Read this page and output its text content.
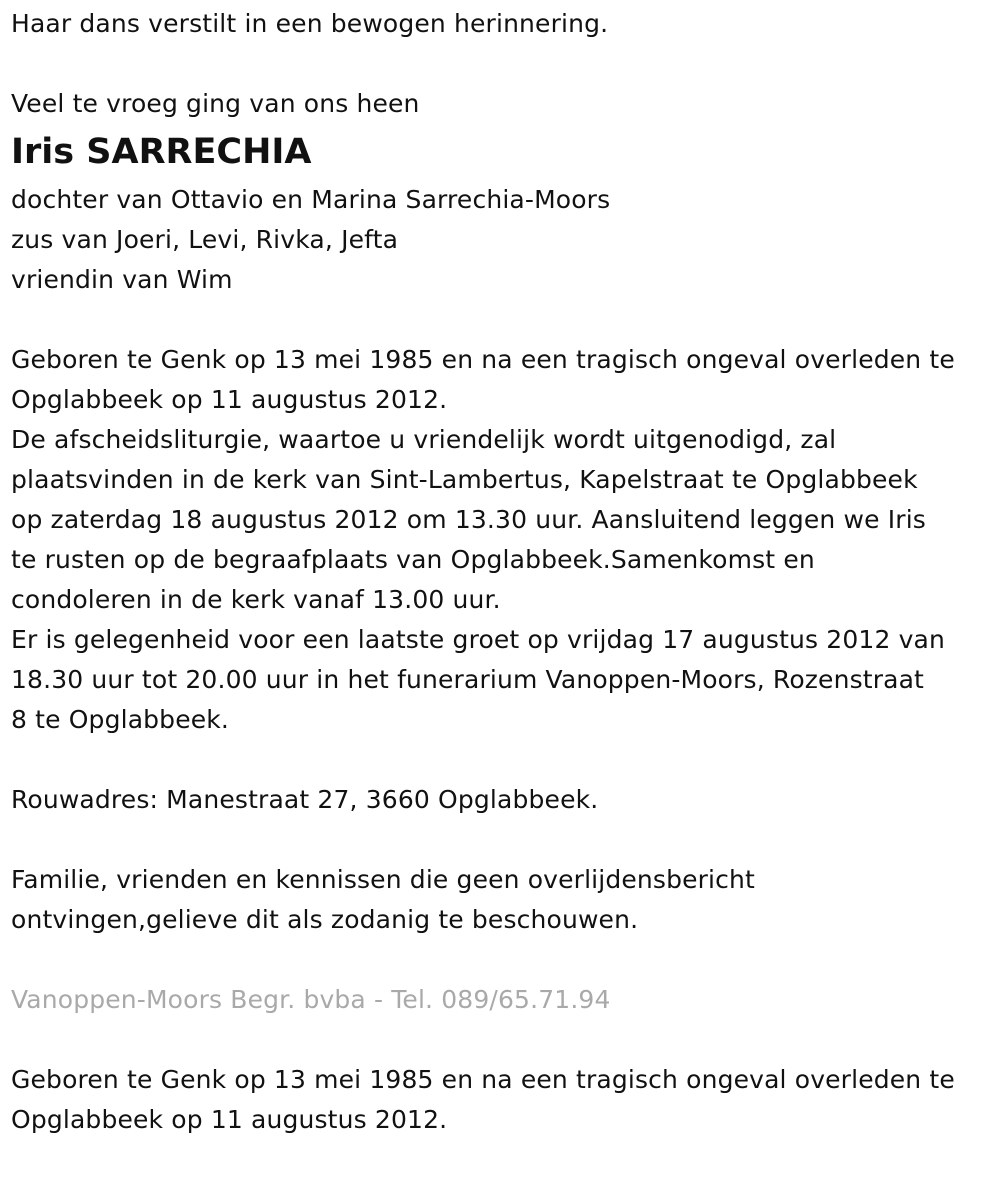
Haar dans verstilt in een bewogen herinnering.
Veel te vroeg ging van ons heen
Iris SARRECHIA
dochter van Ottavio en Marina Sarrechia-Moors
zus van Joeri, Levi, Rivka, Jefta
vriendin van Wim
Geboren te Genk op 13 mei 1985 en na een tragisch ongeval overleden te
Opglabbeek op 11 augustus 2012.
De afscheidsliturgie, waartoe u vriendelijk wordt uitgenodigd, zal
plaatsvinden in de kerk van Sint-Lambertus, Kapelstraat te Opglabbeek
op zaterdag 18 augustus 2012 om 13.30 uur. Aansluitend leggen we Iris
te rusten op de begraafplaats van Opglabbeek.Samenkomst en
condoleren in de kerk vanaf 13.00 uur.
Er is gelegenheid voor een laatste groet op vrijdag 17 augustus 2012 van
18.30 uur tot 20.00 uur in het funerarium Vanoppen-Moors, Rozenstraat
8 te Opglabbeek.
Rouwadres: Manestraat 27, 3660 Opglabbeek.
Familie, vrienden en kennissen die geen overlijdensbericht
ontvingen,gelieve dit als zodanig te beschouwen.
Vanoppen-Moors Begr. bvba - Tel. 089/65.71.94
Geboren te Genk op 13 mei 1985 en na een tragisch ongeval overleden te
Opglabbeek op 11 augustus 2012.
